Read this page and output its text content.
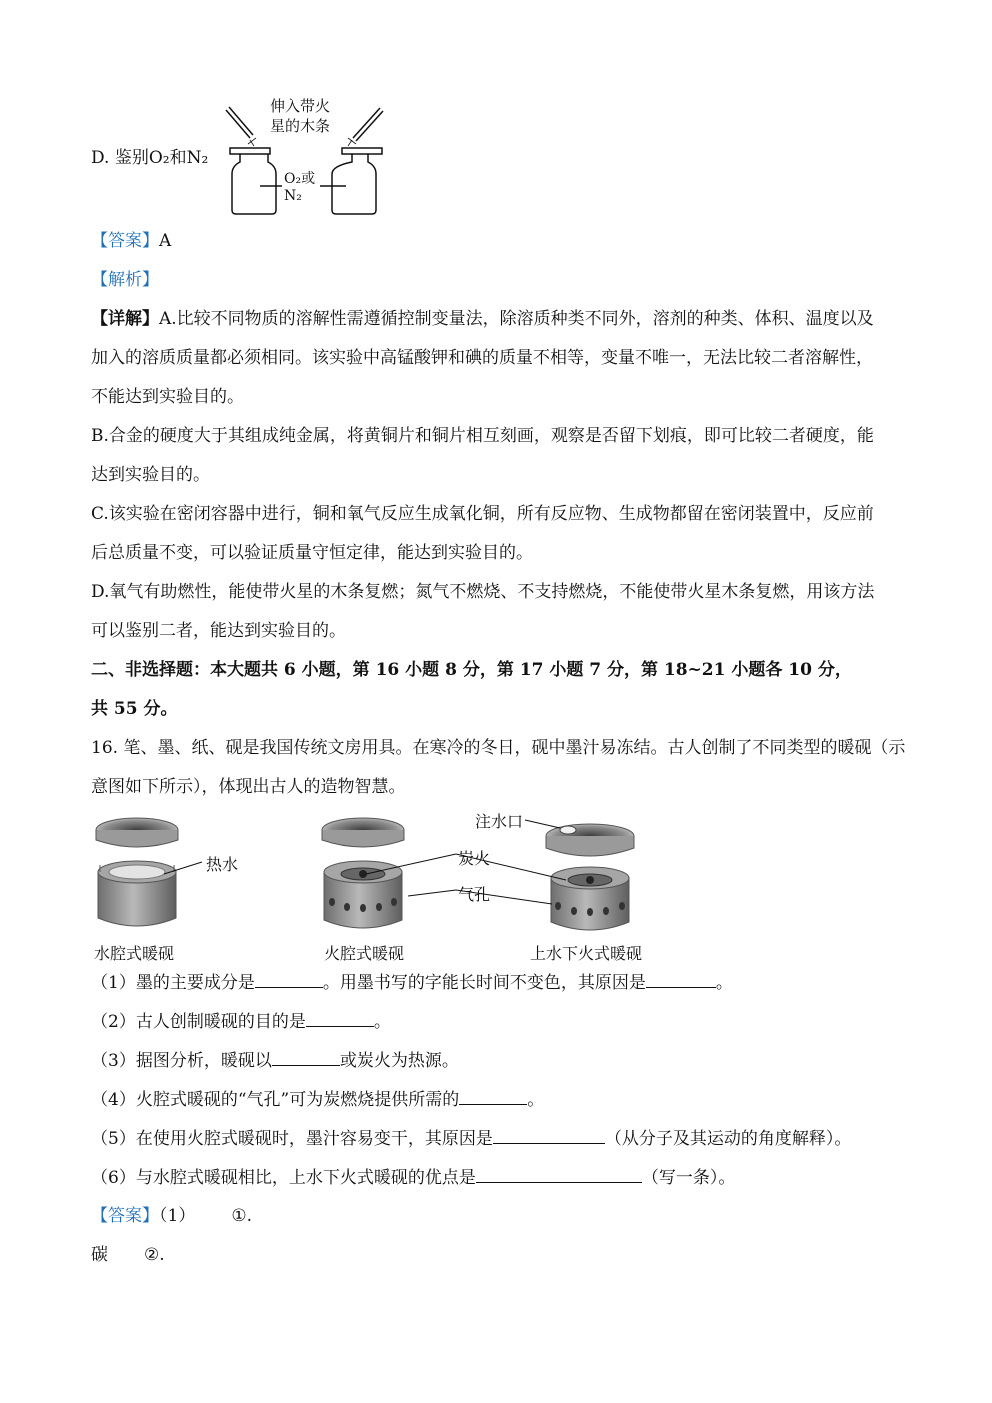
D. 鉴别O₂和N₂
伸入带火
星的木条
O₂或
N₂
【答案】A
【解析】
【详解】A.比较不同物质的溶解性需遵循控制变量法，除溶质种类不同外，溶剂的种类、体积、温度以及
加入的溶质质量都必须相同。该实验中高锰酸钾和碘的质量不相等，变量不唯一，无法比较二者溶解性，
不能达到实验目的。
B.合金的硬度大于其组成纯金属，将黄铜片和铜片相互刻画，观察是否留下划痕，即可比较二者硬度，能
达到实验目的。
C.该实验在密闭容器中进行，铜和氧气反应生成氧化铜，所有反应物、生成物都留在密闭装置中，反应前
后总质量不变，可以验证质量守恒定律，能达到实验目的。
D.氧气有助燃性，能使带火星的木条复燃；氮气不燃烧、不支持燃烧，不能使带火星木条复燃，用该方法
可以鉴别二者，能达到实验目的。
二、非选择题：本大题共 6 小题，第 16 小题 8 分，第 17 小题 7 分，第 18~21 小题各 10 分，
共 55 分。
16. 笔、墨、纸、砚是我国传统文房用具。在寒冷的冬日，砚中墨汁易冻结。古人创制了不同类型的暖砚（示
意图如下所示），体现出古人的造物智慧。
热水	炭火
气孔
注水口
水腔式暖砚	火腔式暖砚	上水下火式暖砚
（1）墨的主要成分是	。用墨书写的字能长时间不变色，其原因是	。
（2）古人创制暖砚的目的是	。
（3）据图分析，暖砚以	或炭火为热源。
（4）火腔式暖砚的“气孔”可为炭燃烧提供所需的	。
（5）在使用火腔式暖砚时，墨汁容易变干，其原因是	（从分子及其运动的角度解释）。
（6）与水腔式暖砚相比，上水下火式暖砚的优点是	（写一条）。
【答案】（1） ①.
碳 ②.
